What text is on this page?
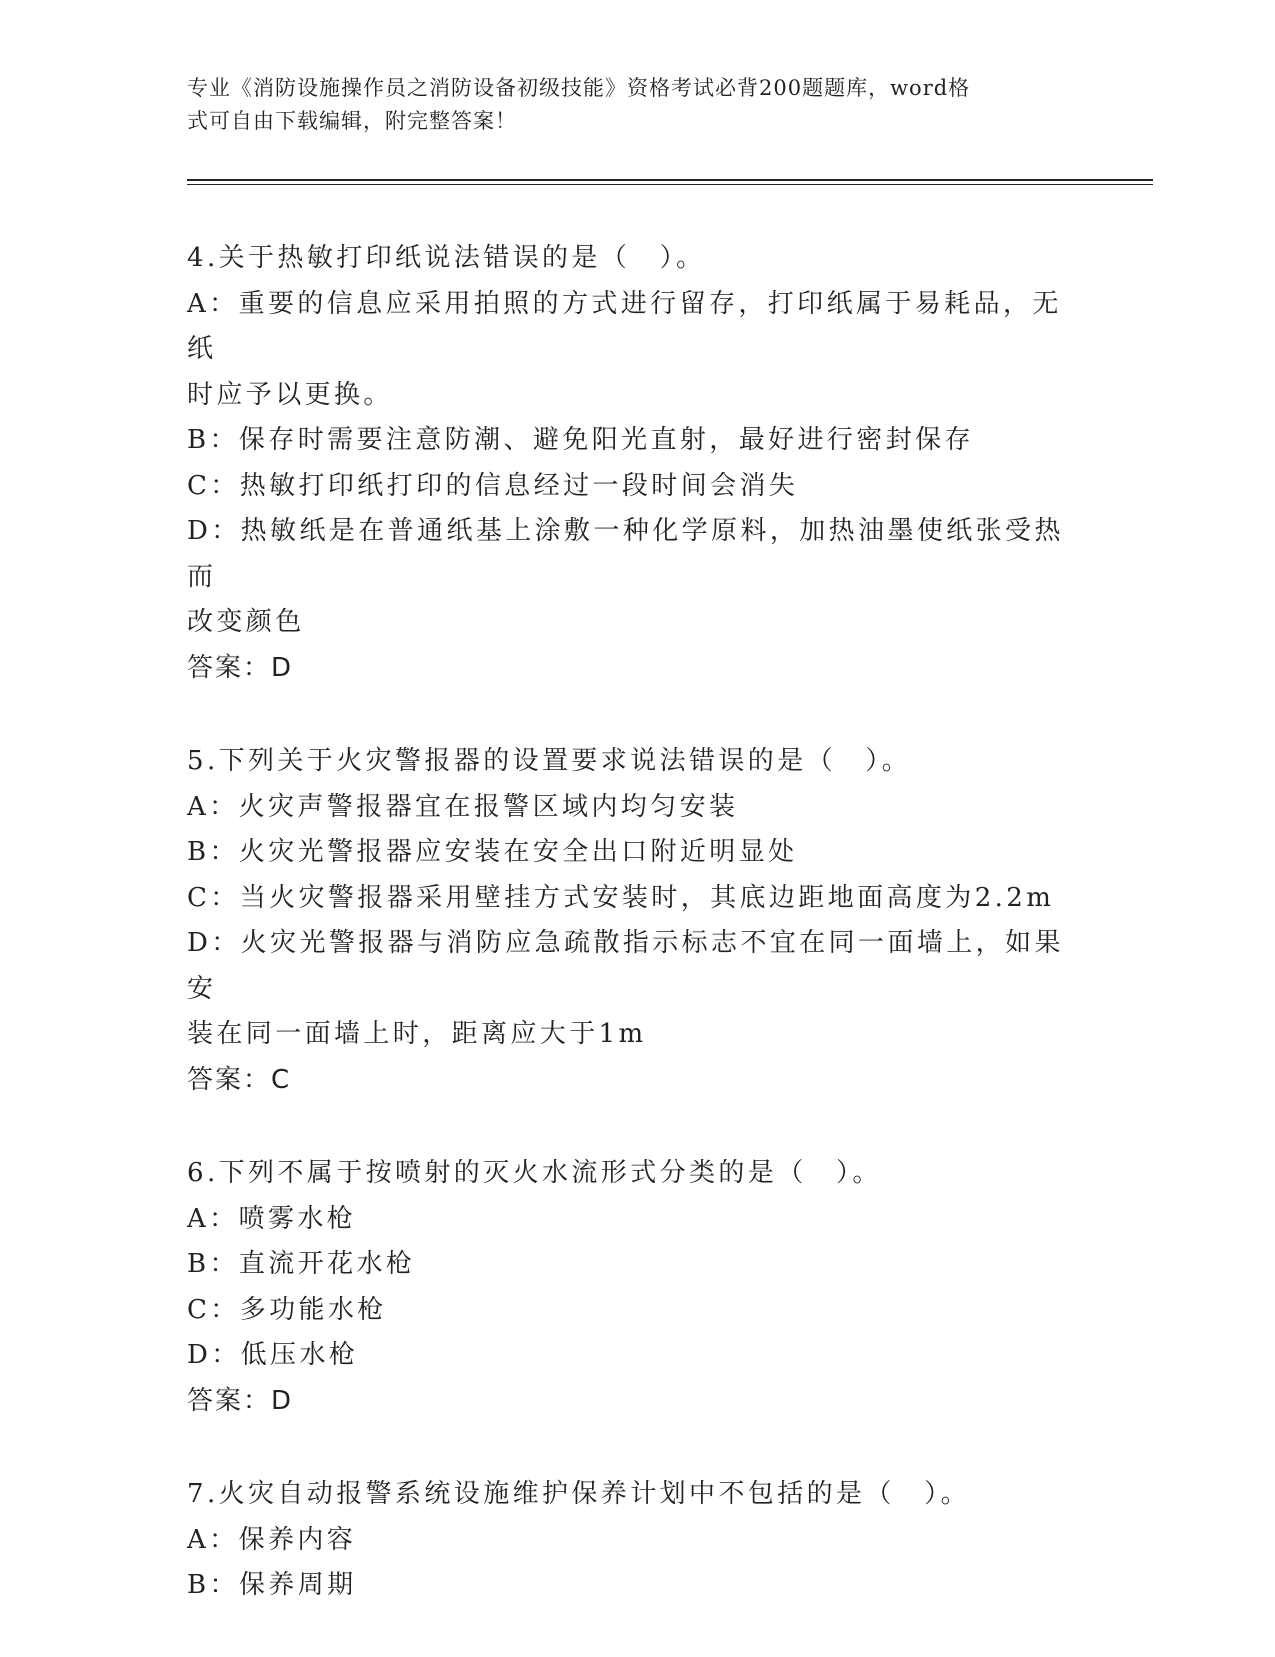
专业《消防设施操作员之消防设备初级技能》资格考试必背200题题库，word格
式可自由下载编辑，附完整答案！

4.关于热敏打印纸说法错误的是（　）。

A：重要的信息应采用拍照的方式进行留存，打印纸属于易耗品，无纸

时应予以更换。

B：保存时需要注意防潮、避免阳光直射，最好进行密封保存

C：热敏打印纸打印的信息经过一段时间会消失

D：热敏纸是在普通纸基上涂敷一种化学原料，加热油墨使纸张受热而

改变颜色

答案：D

5.下列关于火灾警报器的设置要求说法错误的是（　）。

A：火灾声警报器宜在报警区域内均匀安装

B：火灾光警报器应安装在安全出口附近明显处

C：当火灾警报器采用壁挂方式安装时，其底边距地面高度为2.2m

D：火灾光警报器与消防应急疏散指示标志不宜在同一面墙上，如果安

装在同一面墙上时，距离应大于1m

答案：C

6.下列不属于按喷射的灭火水流形式分类的是（　）。

A：喷雾水枪

B：直流开花水枪

C：多功能水枪

D：低压水枪

答案：D

7.火灾自动报警系统设施维护保养计划中不包括的是（　）。

A：保养内容

B：保养周期
